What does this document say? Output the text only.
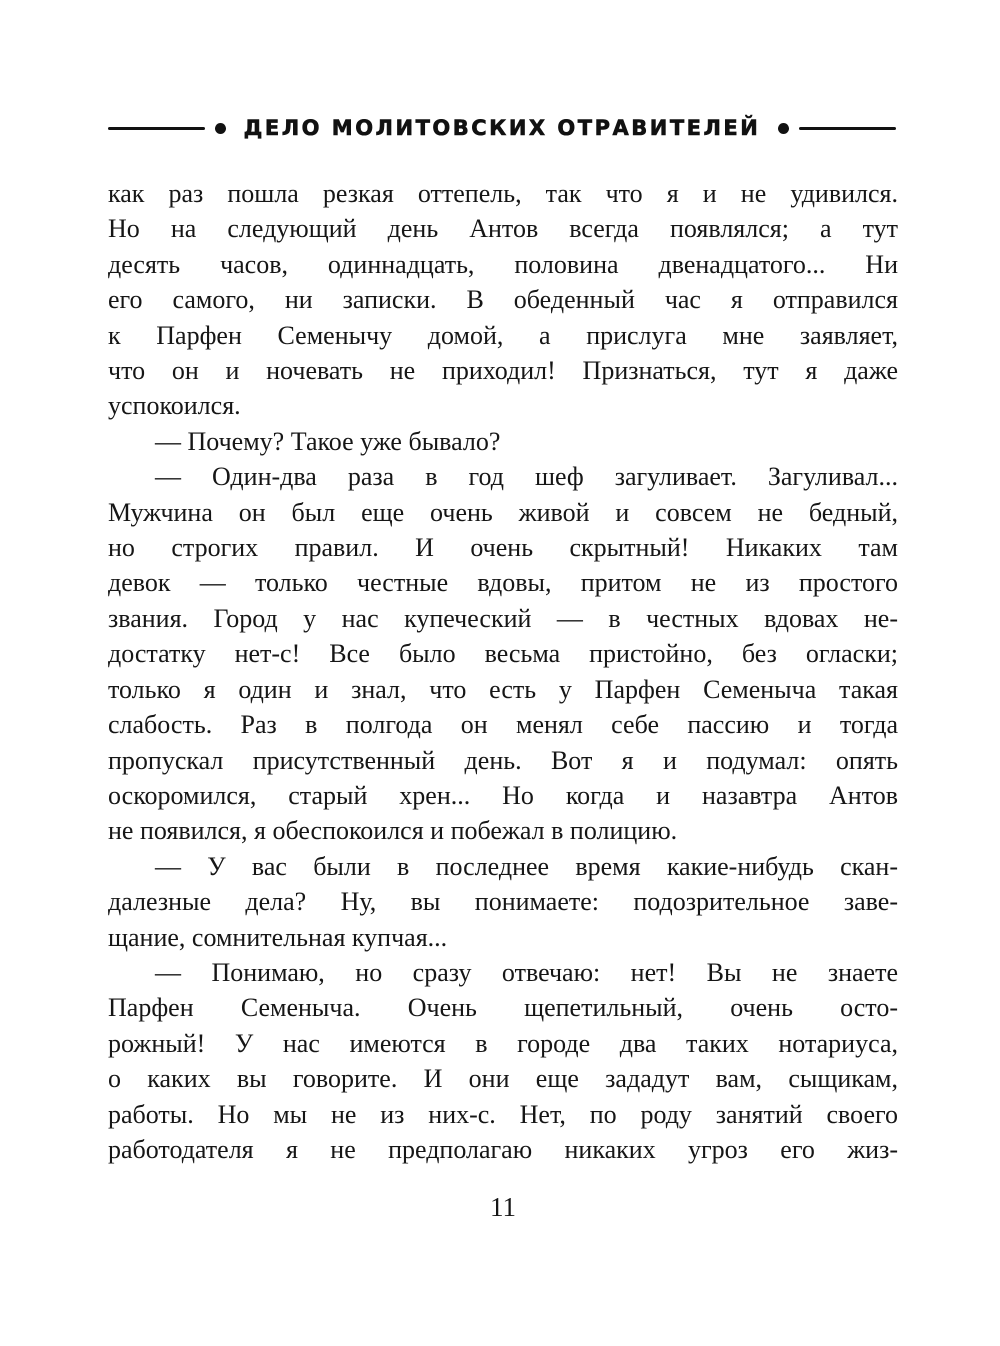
ДЕЛО МОЛИТОВСКИХ ОТРАВИТЕЛЕЙ
как раз пошла резкая оттепель, так что я и не удивился.
Но на следующий день Антов всегда появлялся; а тут
десять часов, одиннадцать, половина двенадцатого... Ни
его самого, ни записки. В обеденный час я отправился
к Парфен Семенычу домой, а прислуга мне заявляет,
что он и ночевать не приходил! Признаться, тут я даже
успокоился.
— Почему? Такое уже бывало?
— Один-два раза в год шеф загуливает. Загуливал...
Мужчина он был еще очень живой и совсем не бедный,
но строгих правил. И очень скрытный! Никаких там
девок — только честные вдовы, притом не из простого
звания. Город у нас купеческий — в честных вдовах не-
достатку нет-с! Все было весьма пристойно, без огласки;
только я один и знал, что есть у Парфен Семеныча такая
слабость. Раз в полгода он менял себе пассию и тогда
пропускал присутственный день. Вот я и подумал: опять
оскоромился, старый хрен... Но когда и назавтра Антов
не появился, я обеспокоился и побежал в полицию.
— У вас были в последнее время какие-нибудь скан-
далезные дела? Ну, вы понимаете: подозрительное заве-
щание, сомнительная купчая...
— Понимаю, но сразу отвечаю: нет! Вы не знаете
Парфен Семеныча. Очень щепетильный, очень осто-
рожный! У нас имеются в городе два таких нотариуса,
о каких вы говорите. И они еще зададут вам, сыщикам,
работы. Но мы не из них-с. Нет, по роду занятий своего
работодателя я не предполагаю никаких угроз его жиз-
11
